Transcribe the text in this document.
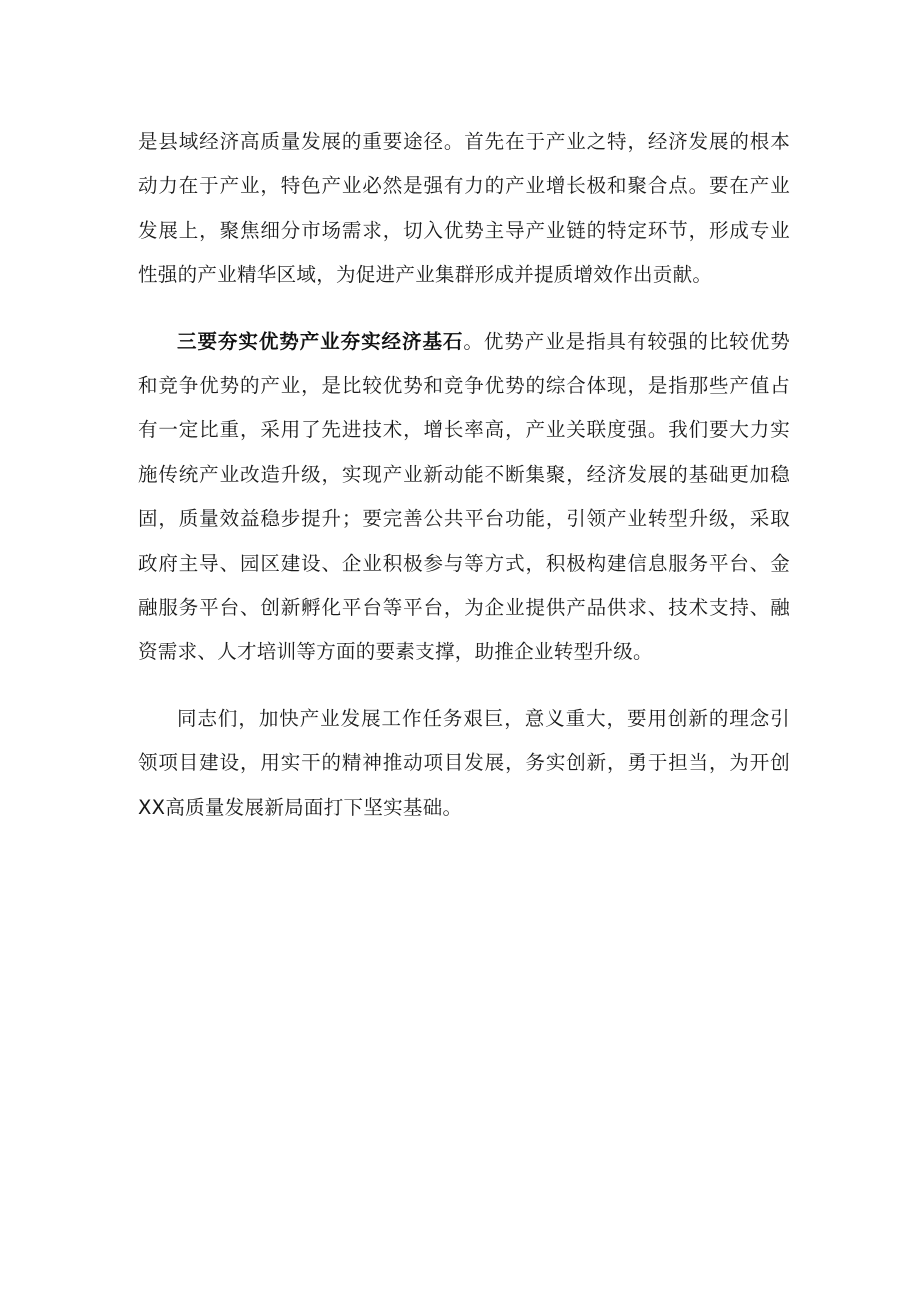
是县域经济高质量发展的重要途径。首先在于产业之特，经济发展的根本动力在于产业，特色产业必然是强有力的产业增长极和聚合点。要在产业发展上，聚焦细分市场需求，切入优势主导产业链的特定环节，形成专业性强的产业精华区域，为促进产业集群形成并提质增效作出贡献。

三要夯实优势产业夯实经济基石。优势产业是指具有较强的比较优势和竞争优势的产业，是比较优势和竞争优势的综合体现，是指那些产值占有一定比重，采用了先进技术，增长率高，产业关联度强。我们要大力实施传统产业改造升级，实现产业新动能不断集聚，经济发展的基础更加稳固，质量效益稳步提升；要完善公共平台功能，引领产业转型升级，采取政府主导、园区建设、企业积极参与等方式，积极构建信息服务平台、金融服务平台、创新孵化平台等平台，为企业提供产品供求、技术支持、融资需求、人才培训等方面的要素支撑，助推企业转型升级。

同志们，加快产业发展工作任务艰巨，意义重大，要用创新的理念引领项目建设，用实干的精神推动项目发展，务实创新，勇于担当，为开创XX高质量发展新局面打下坚实基础。
